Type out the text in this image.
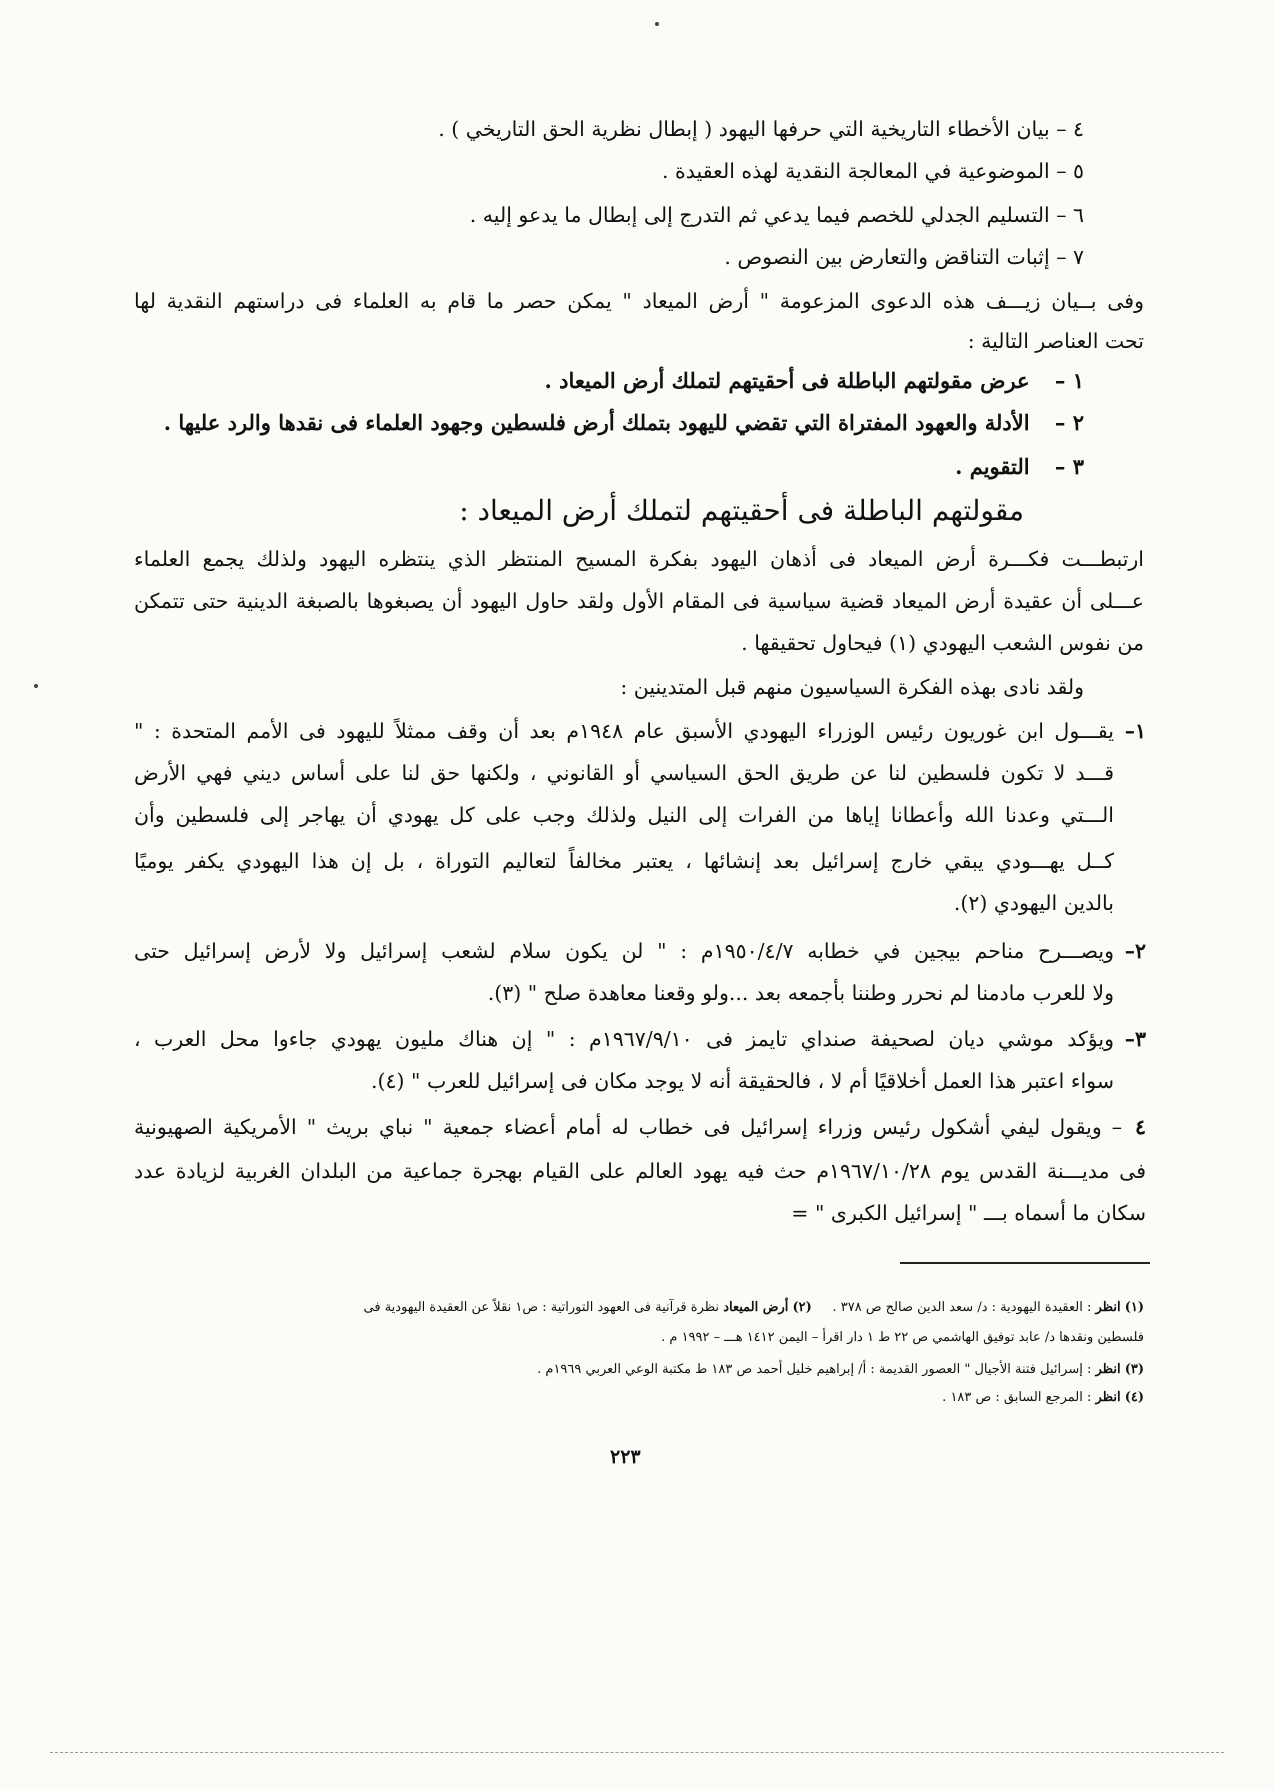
٤ – بيان الأخطاء التاريخية التي حرفها اليهود ( إبطال نظرية الحق التاريخي ) .

٥ – الموضوعية في المعالجة النقدية لهذه العقيدة .

٦ – التسليم الجدلي للخصم فيما يدعي ثم التدرج إلى إبطال ما يدعو إليه .

٧ – إثبات التناقض والتعارض بين النصوص .

وفى بــيان زيـــف هذه الدعوى المزعومة " أرض الميعاد " يمكن حصر ما قام به العلماء فى دراستهم النقدية لها

تحت العناصر التالية :

١ – عرض مقولتهم الباطلة فى أحقيتهم لتملك أرض الميعاد .
٢ – الأدلة والعهود المفتراة التي تقضي لليهود بتملك أرض فلسطين وجهود العلماء فى نقدها والرد عليها .
٣ – التقويم .
مقولتهم الباطلة فى أحقيتهم لتملك أرض الميعاد :

ارتبطـــت فكـــرة أرض الميعاد فى أذهان اليهود بفكرة المسيح المنتظر الذي ينتظره اليهود ولذلك يجمع العلماء

عـــلى أن عقيدة أرض الميعاد قضية سياسية فى المقام الأول ولقد حاول اليهود أن يصبغوها بالصبغة الدينية حتى تتمكن

من نفوس الشعب اليهودي (١) فيحاول تحقيقها .

ولقد نادى بهذه الفكرة السياسيون منهم قبل المتدينين :

١–

يقـــول ابن غوريون رئيس الوزراء اليهودي الأسبق عام ١٩٤٨م بعد أن وقف ممثلاً لليهود فى الأمم المتحدة : "

قـــد لا تكون فلسطين لنا عن طريق الحق السياسي أو القانوني ، ولكنها حق لنا على أساس ديني فهي الأرض

الـــتي وعدنا الله وأعطانا إياها من الفرات إلى النيل ولذلك وجب على كل يهودي أن يهاجر إلى فلسطين وأن

كــل يهـــودي يبقي خارج إسرائيل بعد إنشائها ، يعتبر مخالفاً لتعاليم التوراة ، بل إن هذا اليهودي يكفر يوميًا

بالدين اليهودي (٢).

٢–

ويصـــرح مناحم بيجين في خطابه ١٩٥٠/٤/٧م : " لن يكون سلام لشعب إسرائيل ولا لأرض إسرائيل حتى

ولا للعرب مادمنا لم نحرر وطننا بأجمعه بعد ...ولو وقعنا معاهدة صلح " (٣).

٣–

ويؤكد موشي ديان لصحيفة صنداي تايمز فى ١٩٦٧/٩/١٠م : " إن هناك مليون يهودي جاءوا محل العرب ،

سواء اعتبر هذا العمل أخلاقيًا أم لا ، فالحقيقة أنه لا يوجد مكان فى إسرائيل للعرب " (٤).

٤

– ويقول ليفي أشكول رئيس وزراء إسرائيل فى خطاب له أمام أعضاء جمعية " نباي بريث " الأمريكية الصهيونية

فى مديـــنة القدس يوم ١٩٦٧/١٠/٢٨م حث فيه يهود العالم على القيام بهجرة جماعية من البلدان الغربية لزيادة عدد

سكان ما أسماه بـــ " إسرائيل الكبرى " =

(١) انظر : العقيدة اليهودية : د/ سعد الدين صالح ص ٣٧٨ .     (٢) أرض الميعاد نظرة قرآنية فى العهود التوراتية : ص١ نقلاً عن العقيدة اليهودية فى

فلسطين ونقدها د/ عابد توفيق الهاشمي ص ٢٢ ط ١ دار اقرأ – اليمن ١٤١٢ هـــ – ١٩٩٢ م .

(٣) انظر : إسرائيل فتنة الأجيال " العصور القديمة : أ/ إبراهيم خليل أحمد ص ١٨٣ ط مكتبة الوعي العربي ١٩٦٩م .

(٤) انظر : المرجع السابق : ص ١٨٣ .

٢٢٣
